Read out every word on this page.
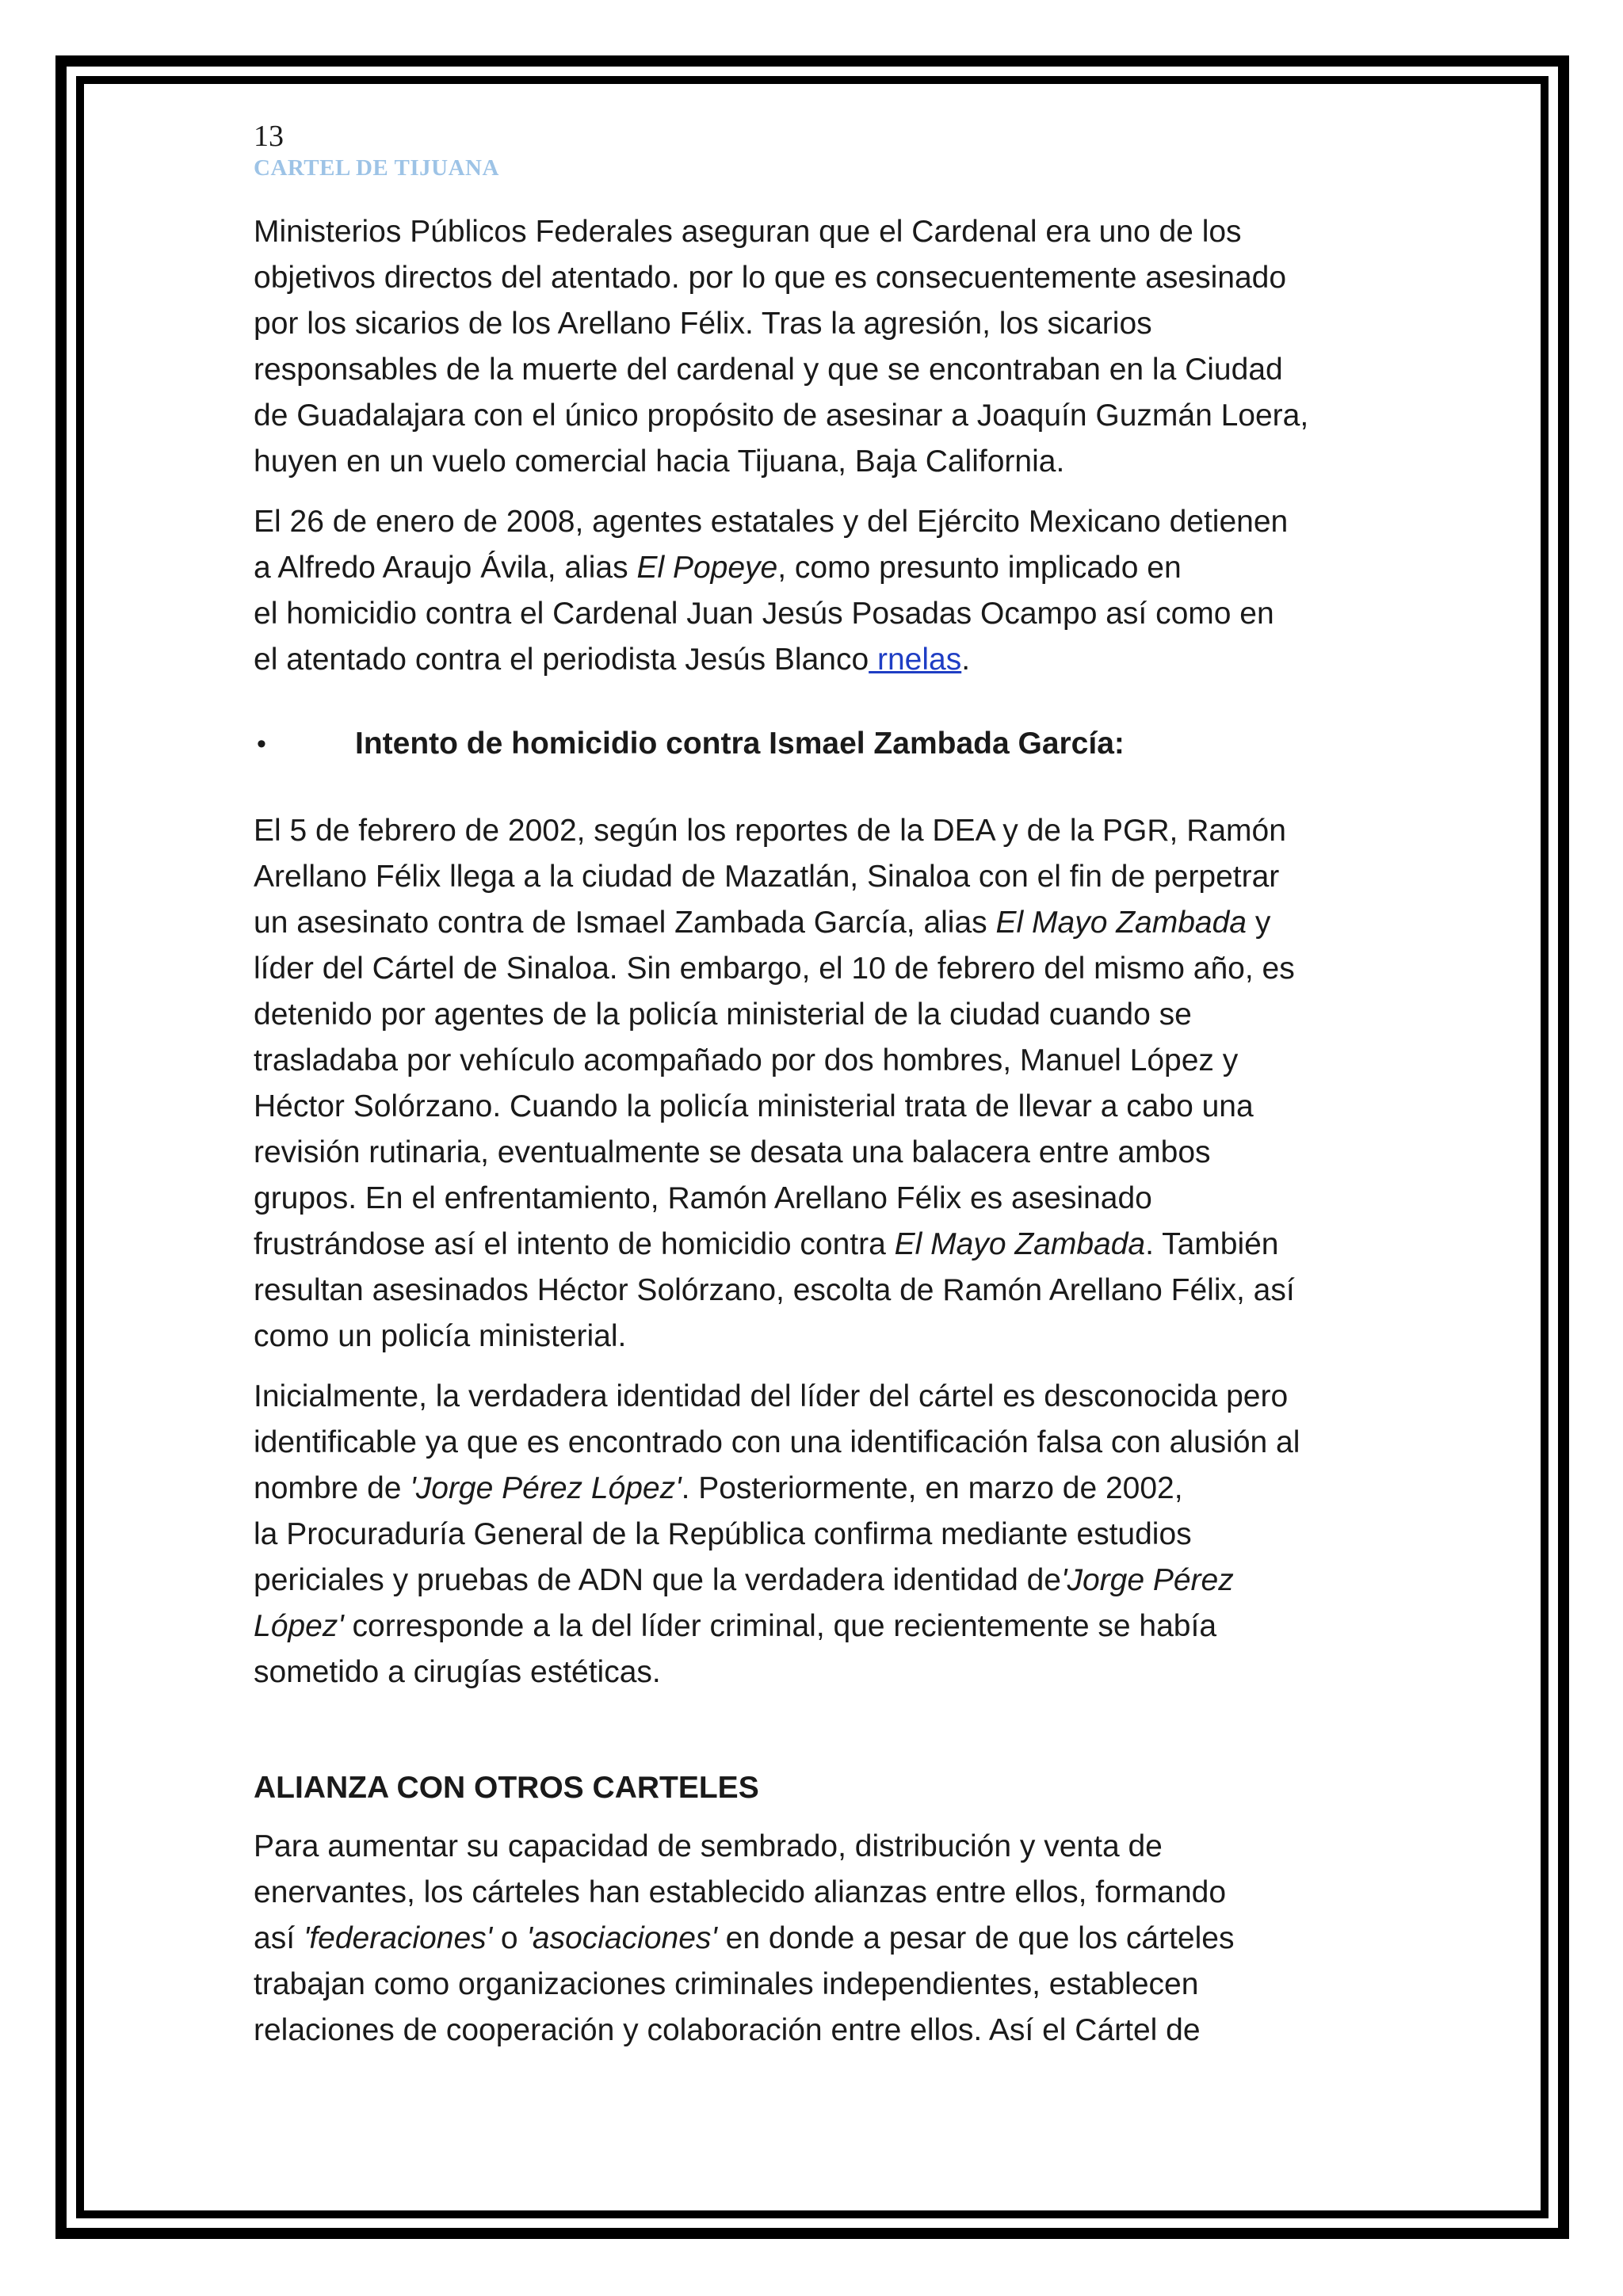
13
CARTEL DE TIJUANA

Ministerios Públicos Federales aseguran que el Cardenal era uno de los
objetivos directos del atentado. por lo que es consecuentemente asesinado
por los sicarios de los Arellano Félix. Tras la agresión, los sicarios
responsables de la muerte del cardenal y que se encontraban en la Ciudad
de Guadalajara con el único propósito de asesinar a Joaquín Guzmán Loera,
huyen en un vuelo comercial hacia Tijuana, Baja California.

El 26 de enero de 2008, agentes estatales y del Ejército Mexicano detienen
a Alfredo Araujo Ávila, alias El Popeye, como presunto implicado en
el homicidio contra el Cardenal Juan Jesús Posadas Ocampo así como en
el atentado contra el periodista Jesús Blanco rnelas.

•	Intento de homicidio contra Ismael Zambada García:

El 5 de febrero de 2002, según los reportes de la DEA y de la PGR, Ramón
Arellano Félix llega a la ciudad de Mazatlán, Sinaloa con el fin de perpetrar
un asesinato contra de Ismael Zambada García, alias El Mayo Zambada y
líder del Cártel de Sinaloa. Sin embargo, el 10 de febrero del mismo año, es
detenido por agentes de la policía ministerial de la ciudad cuando se
trasladaba por vehículo acompañado por dos hombres, Manuel López y
Héctor Solórzano. Cuando la policía ministerial trata de llevar a cabo una
revisión rutinaria, eventualmente se desata una balacera entre ambos
grupos. En el enfrentamiento, Ramón Arellano Félix es asesinado
frustrándose así el intento de homicidio contra El Mayo Zambada. También
resultan asesinados Héctor Solórzano, escolta de Ramón Arellano Félix, así
como un policía ministerial.

Inicialmente, la verdadera identidad del líder del cártel es desconocida pero
identificable ya que es encontrado con una identificación falsa con alusión al
nombre de 'Jorge Pérez López'. Posteriormente, en marzo de 2002,
la Procuraduría General de la República confirma mediante estudios
periciales y pruebas de ADN que la verdadera identidad de'Jorge Pérez
López' corresponde a la del líder criminal, que recientemente se había
sometido a cirugías estéticas.

ALIANZA CON OTROS CARTELES

Para aumentar su capacidad de sembrado, distribución y venta de
enervantes, los cárteles han establecido alianzas entre ellos, formando
así 'federaciones' o 'asociaciones' en donde a pesar de que los cárteles
trabajan como organizaciones criminales independientes, establecen
relaciones de cooperación y colaboración entre ellos. Así el Cártel de
